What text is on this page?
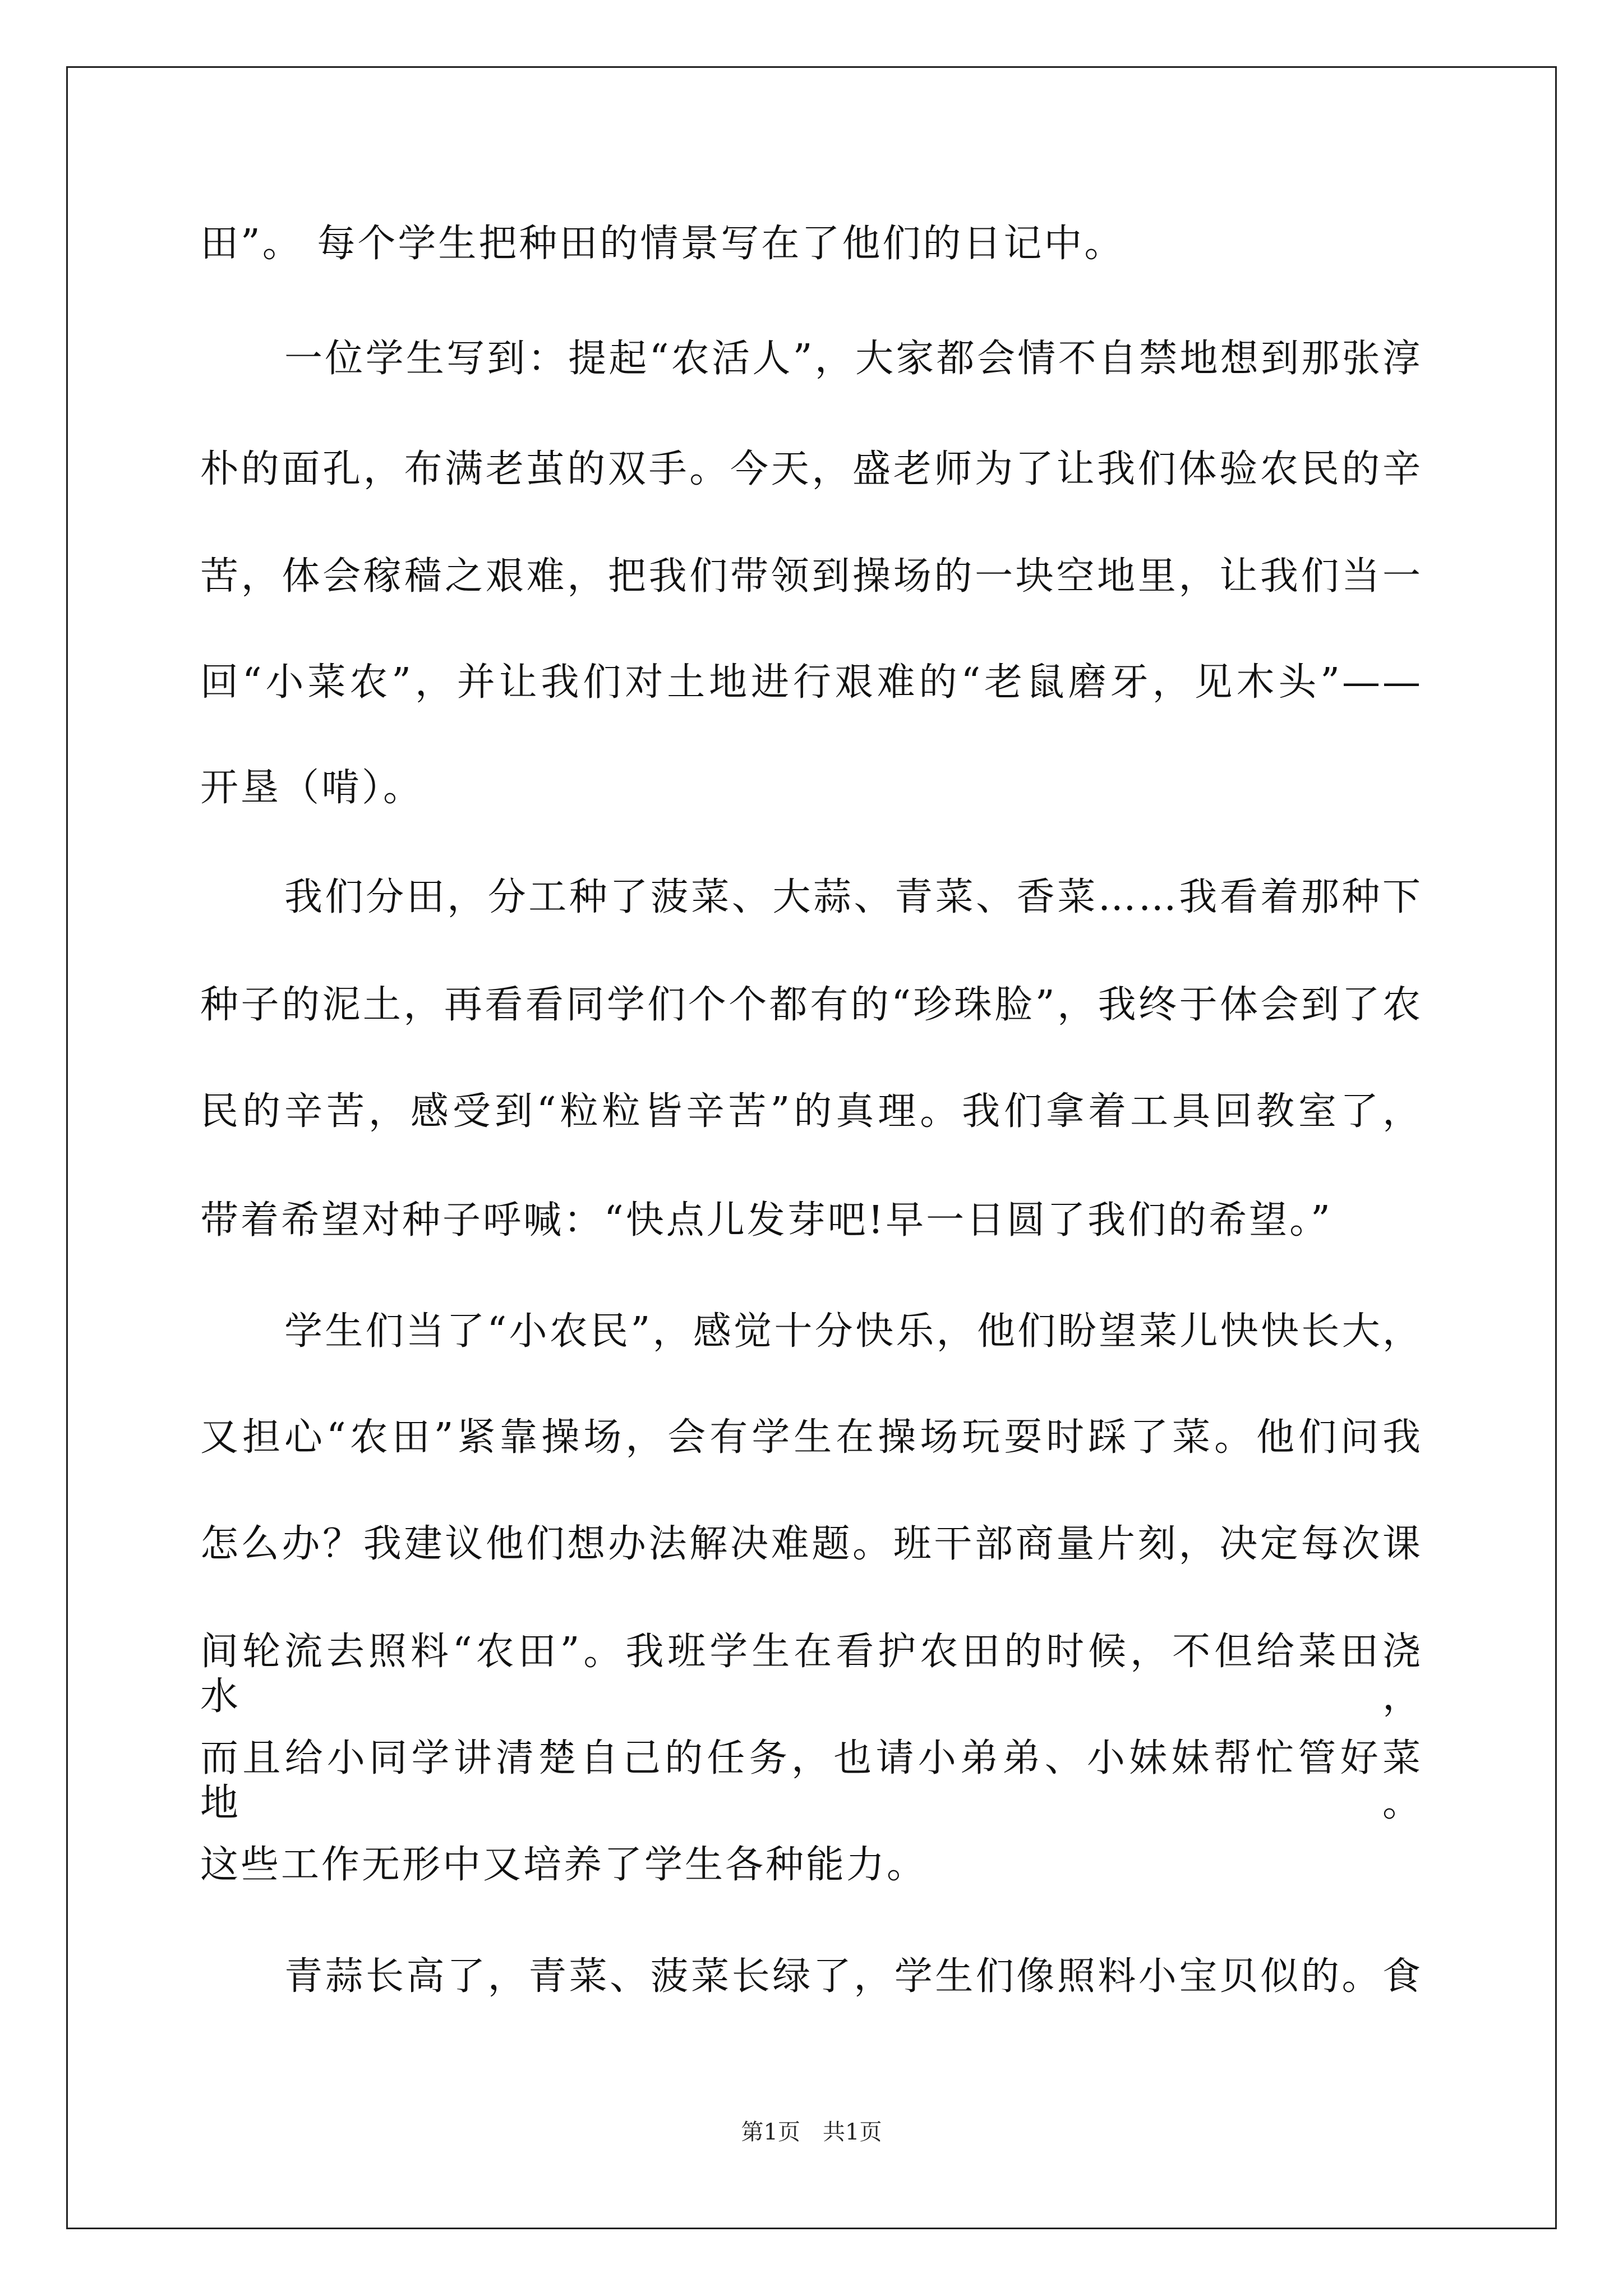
田”。 每个学生把种田的情景写在了他们的日记中。
一位学生写到：提起“农活人”，大家都会情不自禁地想到那张淳
朴的面孔，布满老茧的双手。今天，盛老师为了让我们体验农民的辛
苦，体会稼穑之艰难，把我们带领到操场的一块空地里，让我们当一
回“小菜农”，并让我们对土地进行艰难的“老鼠磨牙，见木头”——
开垦（啃）。
我们分田，分工种了菠菜、大蒜、青菜、香菜……我看着那种下
种子的泥土，再看看同学们个个都有的“珍珠脸”，我终于体会到了农
民的辛苦，感受到“粒粒皆辛苦”的真理。我们拿着工具回教室了，
带着希望对种子呼喊：“快点儿发芽吧!早一日圆了我们的希望。”
学生们当了“小农民”，感觉十分快乐，他们盼望菜儿快快长大，
又担心“农田”紧靠操场，会有学生在操场玩耍时踩了菜。他们问我
怎么办？我建议他们想办法解决难题。班干部商量片刻，决定每次课
间轮流去照料“农田”。我班学生在看护农田的时候，不但给菜田浇水，
而且给小同学讲清楚自己的任务，也请小弟弟、小妹妹帮忙管好菜地。
这些工作无形中又培养了学生各种能力。
青蒜长高了，青菜、菠菜长绿了，学生们像照料小宝贝似的。食
第1页　共1页
